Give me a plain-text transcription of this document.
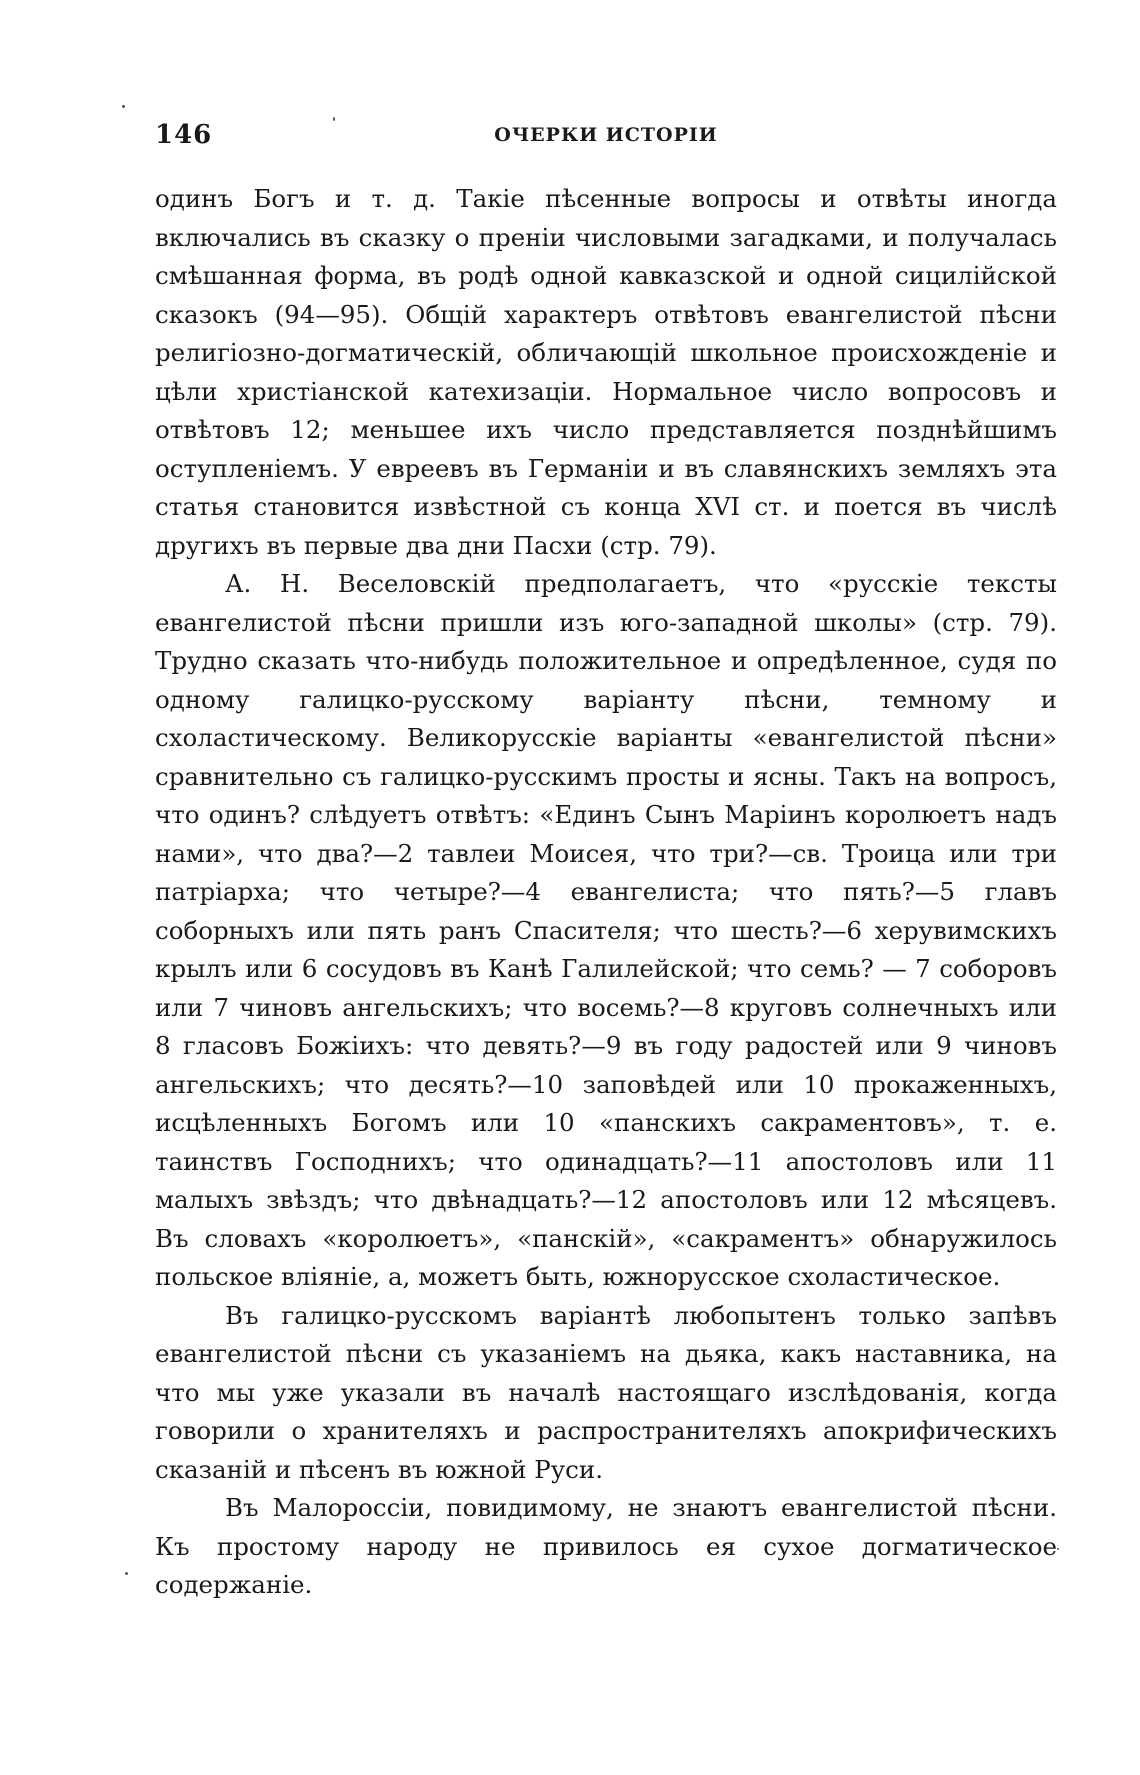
146	ОЧЕРКИ ИСТОРІИ

одинъ Богъ и т. д. Такіе пѣсенные вопросы и отвѣты иногда включались въ сказку о преніи числовыми загадками, и получалась смѣшанная форма, въ родѣ одной кавказской и одной сицилійской сказокъ (94—95). Общій характеръ отвѣтовъ евангелистой пѣсни религіозно-догматическій, обличающій школьное происхожденіе и цѣли христіанской катехизаціи. Нормальное число вопросовъ и отвѣтовъ 12; меньшее ихъ число представляется позднѣйшимъ оступленіемъ. У евреевъ въ Германіи и въ славянскихъ земляхъ эта статья становится извѣстной съ конца XVI ст. и поется въ числѣ другихъ въ первые два дни Пасхи (стр. 79).

А. Н. Веселовскій предполагаетъ, что «русскіе тексты евангелистой пѣсни пришли изъ юго-западной школы» (стр. 79). Трудно сказать что-нибудь положительное и опредѣленное, судя по одному галицко-русскому варіанту пѣсни, темному и схоластическому. Великорусскіе варіанты «евангелистой пѣсни» сравнительно съ галицко-русскимъ просты и ясны. Такъ на вопросъ, что одинъ? слѣдуетъ отвѣтъ: «Единъ Сынъ Маріинъ королюетъ надъ нами», что два?—2 тавлеи Моисея, что три?—св. Троица или три патріарха; что четыре?—4 евангелиста; что пять?—5 главъ соборныхъ или пять ранъ Спасителя; что шесть?—6 херувимскихъ крылъ или 6 сосудовъ въ Канѣ Галилейской; что семь? — 7 соборовъ или 7 чиновъ ангельскихъ; что восемь?—8 круговъ солнечныхъ или 8 гласовъ Божіихъ: что девять?—9 въ году радостей или 9 чиновъ ангельскихъ; что десять?—10 заповѣдей или 10 прокаженныхъ, исцѣленныхъ Богомъ или 10 «панскихъ сакраментовъ», т. е. таинствъ Господнихъ; что одинадцать?—11 апостоловъ или 11 малыхъ звѣздъ; что двѣнадцать?—12 апостоловъ или 12 мѣсяцевъ. Въ словахъ «королюетъ», «панскій», «сакраментъ» обнаружилось польское вліяніе, а, можетъ быть, южнорусское схоластическое.

Въ галицко-русскомъ варіантѣ любопытенъ только запѣвъ евангелистой пѣсни съ указаніемъ на дьяка, какъ наставника, на что мы уже указали въ началѣ настоящаго изслѣдованія, когда говорили о хранителяхъ и распространителяхъ апокрифическихъ сказаній и пѣсенъ въ южной Руси.

Въ Малороссіи, повидимому, не знаютъ евангелистой пѣсни. Къ простому народу не привилось ея сухое догматическое содержаніе.
